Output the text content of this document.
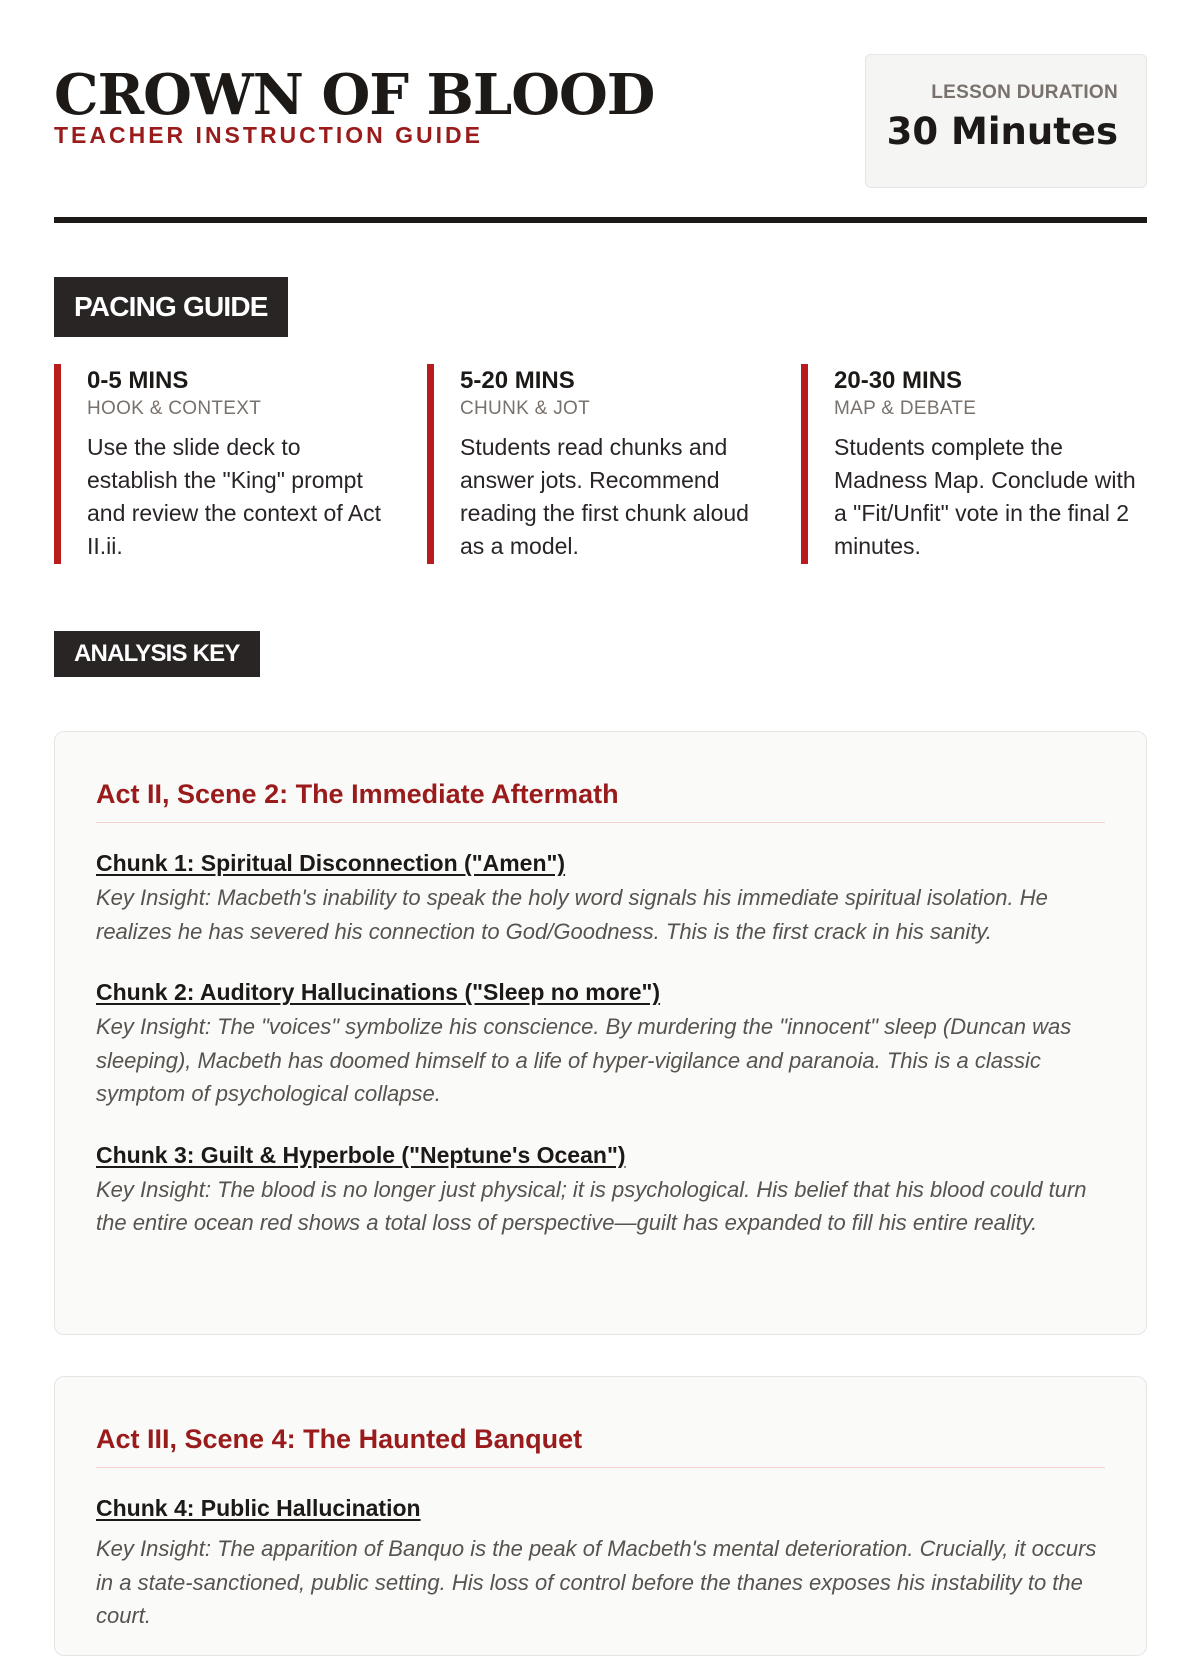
CROWN OF BLOOD
TEACHER INSTRUCTION GUIDE
LESSON DURATION
30 Minutes
PACING GUIDE
0-5 MINS
HOOK & CONTEXT
Use the slide deck to establish the "King" prompt and review the context of Act II.ii.
5-20 MINS
CHUNK & JOT
Students read chunks and answer jots. Recommend reading the first chunk aloud as a model.
20-30 MINS
MAP & DEBATE
Students complete the Madness Map. Conclude with a "Fit/Unfit" vote in the final 2 minutes.
ANALYSIS KEY
Act II, Scene 2: The Immediate Aftermath
Chunk 1: Spiritual Disconnection ("Amen")
Key Insight: Macbeth's inability to speak the holy word signals his immediate spiritual isolation. He realizes he has severed his connection to God/Goodness. This is the first crack in his sanity.
Chunk 2: Auditory Hallucinations ("Sleep no more")
Key Insight: The "voices" symbolize his conscience. By murdering the "innocent" sleep (Duncan was sleeping), Macbeth has doomed himself to a life of hyper-vigilance and paranoia. This is a classic symptom of psychological collapse.
Chunk 3: Guilt & Hyperbole ("Neptune's Ocean")
Key Insight: The blood is no longer just physical; it is psychological. His belief that his blood could turn the entire ocean red shows a total loss of perspective—guilt has expanded to fill his entire reality.
Act III, Scene 4: The Haunted Banquet
Chunk 4: Public Hallucination
Key Insight: The apparition of Banquo is the peak of Macbeth's mental deterioration. Crucially, it occurs in a state-sanctioned, public setting. His loss of control before the thanes exposes his instability to the court.
